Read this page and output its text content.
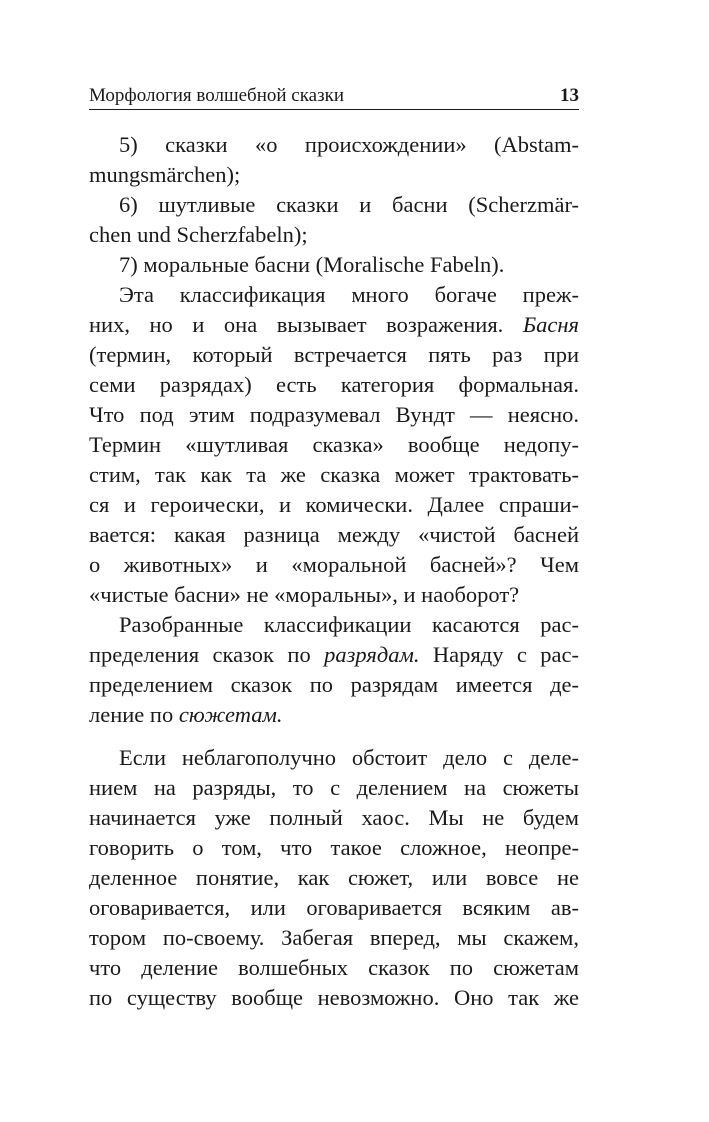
Морфология волшебной сказки	13
5) сказки «о происхождении» (Abstam-
mungsmärchen);
6) шутливые сказки и басни (Scherzmär-
chen und Scherzfabeln);
7) моральные басни (Moralische Fabeln).
Эта классификация много богаче преж-
них, но и она вызывает возражения. Басня
(термин, который встречается пять раз при
семи разрядах) есть категория формальная.
Что под этим подразумевал Вундт — неясно.
Термин «шутливая сказка» вообще недопу-
стим, так как та же сказка может трактовать-
ся и героически, и комически. Далее спраши-
вается: какая разница между «чистой басней
о животных» и «моральной басней»? Чем
«чистые басни» не «моральны», и наоборот?
Разобранные классификации касаются рас-
пределения сказок по разрядам. Наряду с рас-
пределением сказок по разрядам имеется де-
ление по сюжетам.
Если неблагополучно обстоит дело с деле-
нием на разряды, то с делением на сюжеты
начинается уже полный хаос. Мы не будем
говорить о том, что такое сложное, неопре-
деленное понятие, как сюжет, или вовсе не
оговаривается, или оговаривается всяким ав-
тором по-своему. Забегая вперед, мы скажем,
что деление волшебных сказок по сюжетам
по существу вообще невозможно. Оно так же
